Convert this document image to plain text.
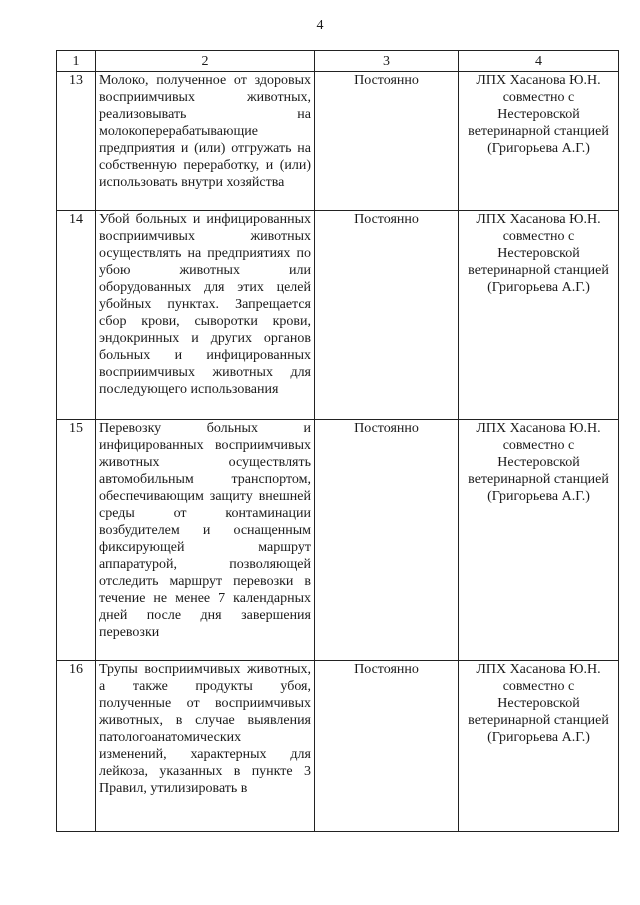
4
1	2	3	4
13	Молоко, полученное от здоровых восприимчивых животных, реализовывать на молокоперерабатывающие предприятия и (или) отгружать на собственную переработку, и (или) использовать внутри хозяйства	Постоянно	ЛПХ Хасанова Ю.Н. совместно с Нестеровской ветеринарной станцией (Григорьева А.Г.)
14	Убой больных и инфицированных восприимчивых животных осуществлять на предприятиях по убою животных или оборудованных для этих целей убойных пунктах. Запрещается сбор крови, сыворотки крови, эндокринных и других органов больных и инфицированных восприимчивых животных для последующего использования	Постоянно	ЛПХ Хасанова Ю.Н. совместно с Нестеровской ветеринарной станцией (Григорьева А.Г.)
15	Перевозку больных и инфицированных восприимчивых животных осуществлять автомобильным транспортом, обеспечивающим защиту внешней среды от контаминации возбудителем и оснащенным фиксирующей маршрут аппаратурой, позволяющей отследить маршрут перевозки в течение не менее 7 календарных дней после дня завершения перевозки	Постоянно	ЛПХ Хасанова Ю.Н. совместно с Нестеровской ветеринарной станцией (Григорьева А.Г.)
16	Трупы восприимчивых животных, а также продукты убоя, полученные от восприимчивых животных, в случае выявления патологоанатомических изменений, характерных для лейкоза, указанных в пункте 3 Правил, утилизировать в	Постоянно	ЛПХ Хасанова Ю.Н. совместно с Нестеровской ветеринарной станцией (Григорьева А.Г.)
